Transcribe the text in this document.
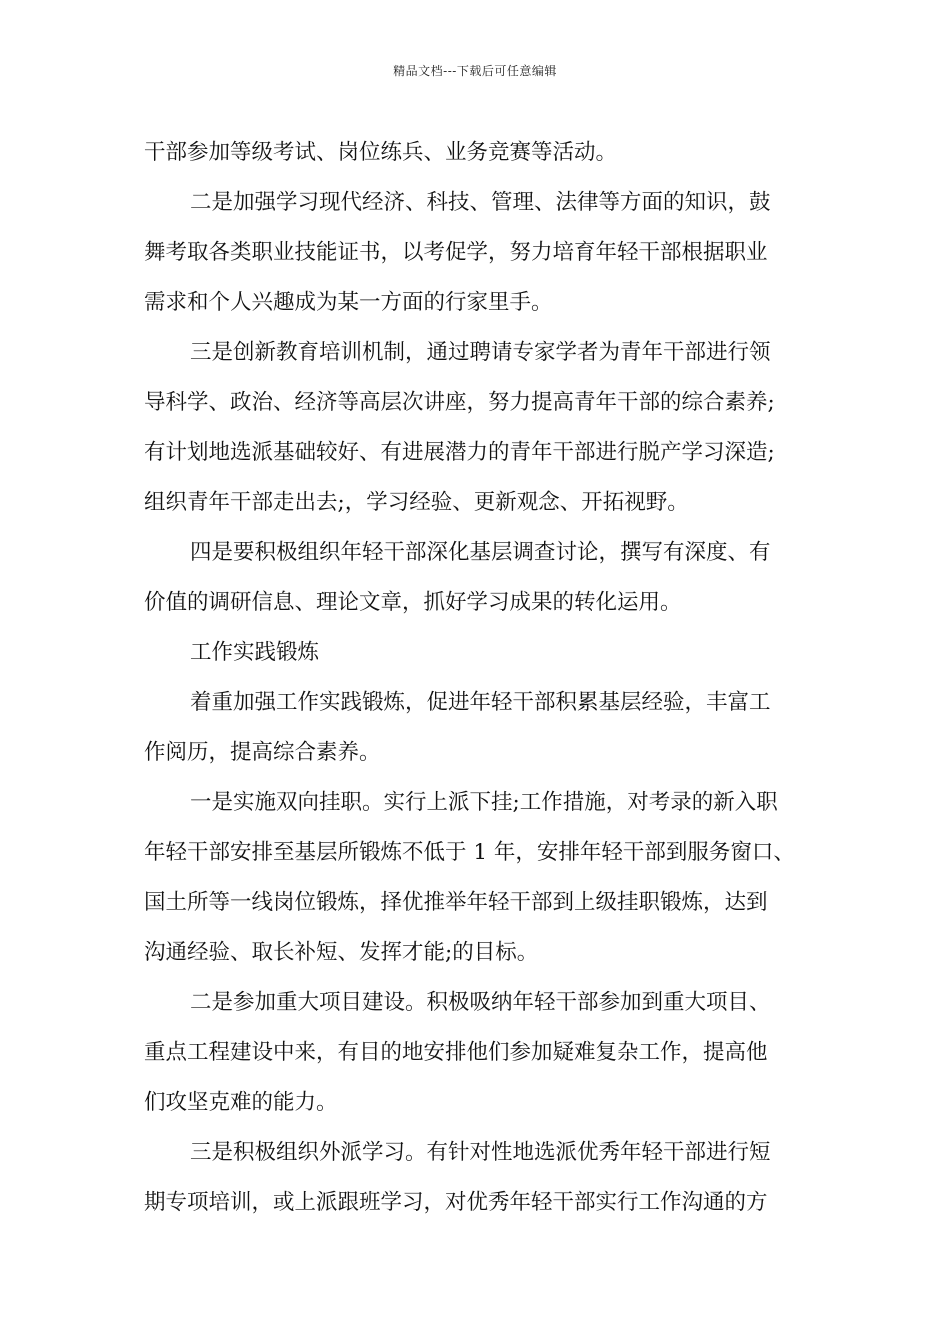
精品文档---下载后可任意编辑
干部参加等级考试、岗位练兵、业务竞赛等活动。
二是加强学习现代经济、科技、管理、法律等方面的知识，鼓
舞考取各类职业技能证书，以考促学，努力培育年轻干部根据职业
需求和个人兴趣成为某一方面的行家里手。
三是创新教育培训机制，通过聘请专家学者为青年干部进行领
导科学、政治、经济等高层次讲座，努力提高青年干部的综合素养;
有计划地选派基础较好、有进展潜力的青年干部进行脱产学习深造;
组织青年干部走出去;，学习经验、更新观念、开拓视野。
四是要积极组织年轻干部深化基层调查讨论，撰写有深度、有
价值的调研信息、理论文章，抓好学习成果的转化运用。
工作实践锻炼
着重加强工作实践锻炼，促进年轻干部积累基层经验，丰富工
作阅历，提高综合素养。
一是实施双向挂职。实行上派下挂;工作措施，对考录的新入职
年轻干部安排至基层所锻炼不低于 1 年，安排年轻干部到服务窗口、
国土所等一线岗位锻炼，择优推举年轻干部到上级挂职锻炼，达到
沟通经验、取长补短、发挥才能;的目标。
二是参加重大项目建设。积极吸纳年轻干部参加到重大项目、
重点工程建设中来，有目的地安排他们参加疑难复杂工作，提高他
们攻坚克难的能力。
三是积极组织外派学习。有针对性地选派优秀年轻干部进行短
期专项培训，或上派跟班学习，对优秀年轻干部实行工作沟通的方
